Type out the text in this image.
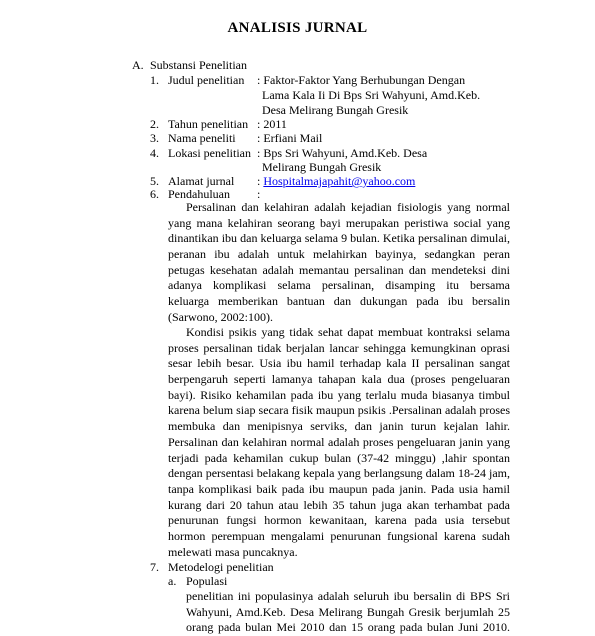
ANALISIS JURNAL
A. Substansi Penelitian
1. Judul penelitian : Faktor-Faktor Yang Berhubungan Dengan
Lama Kala Ii Di Bps Sri Wahyuni, Amd.Keb.
Desa Melirang Bungah Gresik
2. Tahun penelitian : 2011
3. Nama peneliti : Erfiani Mail
4. Lokasi penelitian : Bps Sri Wahyuni, Amd.Keb. Desa
Melirang Bungah Gresik
5. Alamat jurnal : Hospitalmajapahit@yahoo.com
6. Pendahuluan :
Persalinan dan kelahiran adalah kejadian fisiologis yang normal
yang mana kelahiran seorang bayi merupakan peristiwa social yang
dinantikan ibu dan keluarga selama 9 bulan. Ketika persalinan dimulai,
peranan ibu adalah untuk melahirkan bayinya, sedangkan peran
petugas kesehatan adalah memantau persalinan dan mendeteksi dini
adanya komplikasi selama persalinan, disamping itu bersama
keluarga memberikan bantuan dan dukungan pada ibu bersalin
(Sarwono, 2002:100).
Kondisi psikis yang tidak sehat dapat membuat kontraksi selama
proses persalinan tidak berjalan lancar sehingga kemungkinan oprasi
sesar lebih besar. Usia ibu hamil terhadap kala II persalinan sangat
berpengaruh seperti lamanya tahapan kala dua (proses pengeluaran
bayi). Risiko kehamilan pada ibu yang terlalu muda biasanya timbul
karena belum siap secara fisik maupun psikis .Persalinan adalah proses
membuka dan menipisnya serviks, dan janin turun kejalan lahir.
Persalinan dan kelahiran normal adalah proses pengeluaran janin yang
terjadi pada kehamilan cukup bulan (37-42 minggu) ,lahir spontan
dengan persentasi belakang kepala yang berlangsung dalam 18-24 jam,
tanpa komplikasi baik pada ibu maupun pada janin. Pada usia hamil
kurang dari 20 tahun atau lebih 35 tahun juga akan terhambat pada
penurunan fungsi hormon kewanitaan, karena pada usia tersebut
hormon perempuan mengalami penurunan fungsional karena sudah
melewati masa puncaknya.
7. Metodelogi penelitian
a. Populasi
penelitian ini populasinya adalah seluruh ibu bersalin di BPS Sri
Wahyuni, Amd.Keb. Desa Melirang Bungah Gresik berjumlah 25
orang pada bulan Mei 2010 dan 15 orang pada bulan Juni 2010.
